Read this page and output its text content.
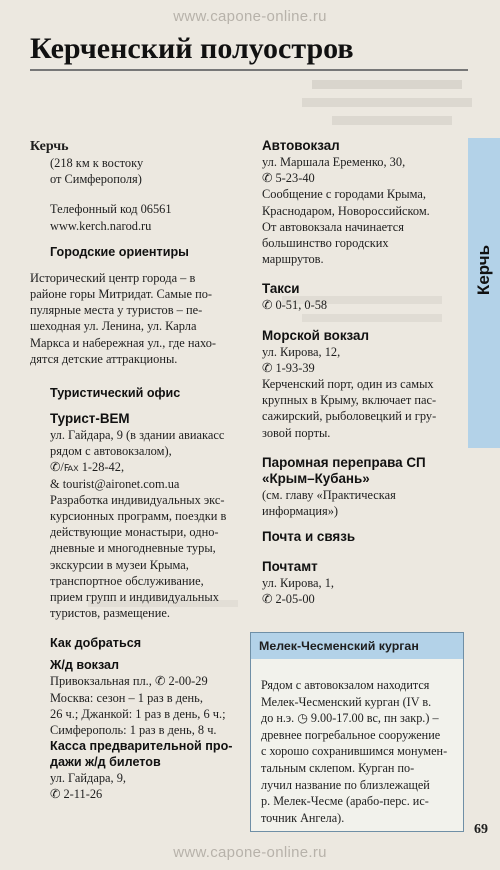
www.capone-online.ru
Керченский полуостров

Керчь

(218 км к востоку

от Симферополя)

Телефонный код 06561

www.kerch.narod.ru

Городские ориентиры

Исторический центр города – в

районе горы Митридат. Самые по-

пулярные места у туристов – пе-

шеходная ул. Ленина, ул. Карла

Маркса и набережная ул., где нахо-

дятся детские аттракционы.

Туристический офис

Турист-ВЕМ

ул. Гайдара, 9 (в здании авиакасс

рядом с автовокзалом),

✆/℻ 1-28-42,

& tourist@aironet.com.ua

Разработка индивидуальных экс-

курсионных программ, поездки в

действующие монастыри, одно-

дневные и многодневные туры,

экскурсии в музеи Крыма,

транспортное обслуживание,

прием групп и индивидуальных

туристов, размещение.

Как добраться

Ж/д вокзал

Привокзальная пл., ✆ 2-00-29

Москва: сезон – 1 раз в день,

26 ч.; Джанкой: 1 раз в день, 6 ч.;

Симферополь: 1 раз в день, 8 ч.

Касса предварительной про-

дажи ж/д билетов

ул. Гайдара, 9,

✆ 2-11-26

Автовокзал

ул. Маршала Еременко, 30,

✆ 5-23-40

Сообщение с городами Крыма,

Краснодаром, Новороссийском.

От автовокзала начинается

большинство городских

маршрутов.

Такси

✆ 0-51, 0-58

Морской вокзал

ул. Кирова, 12,

✆ 1-93-39

Керченский порт, один из самых

крупных в Крыму, включает пас-

сажирский, рыболовецкий и гру-

зовой порты.

Паромная переправа СП

«Крым–Кубань»

(см. главу «Практическая

информация»)

Почта и связь

Почтамт

ул. Кирова, 1,

✆ 2-05-00

Керчь
Мелек-Чесменский курган

Рядом с автовокзалом находится

Мелек-Чесменский курган (IV в.

до н.э. ◷ 9.00-17.00 вс, пн закр.) –

древнее погребальное сооружение

с хорошо сохранившимся монумен-

тальным склепом. Курган по-

лучил название по близлежащей

р. Мелек-Чесме (арабо-перс. ис-

точник Ангела).

69
www.capone-online.ru
